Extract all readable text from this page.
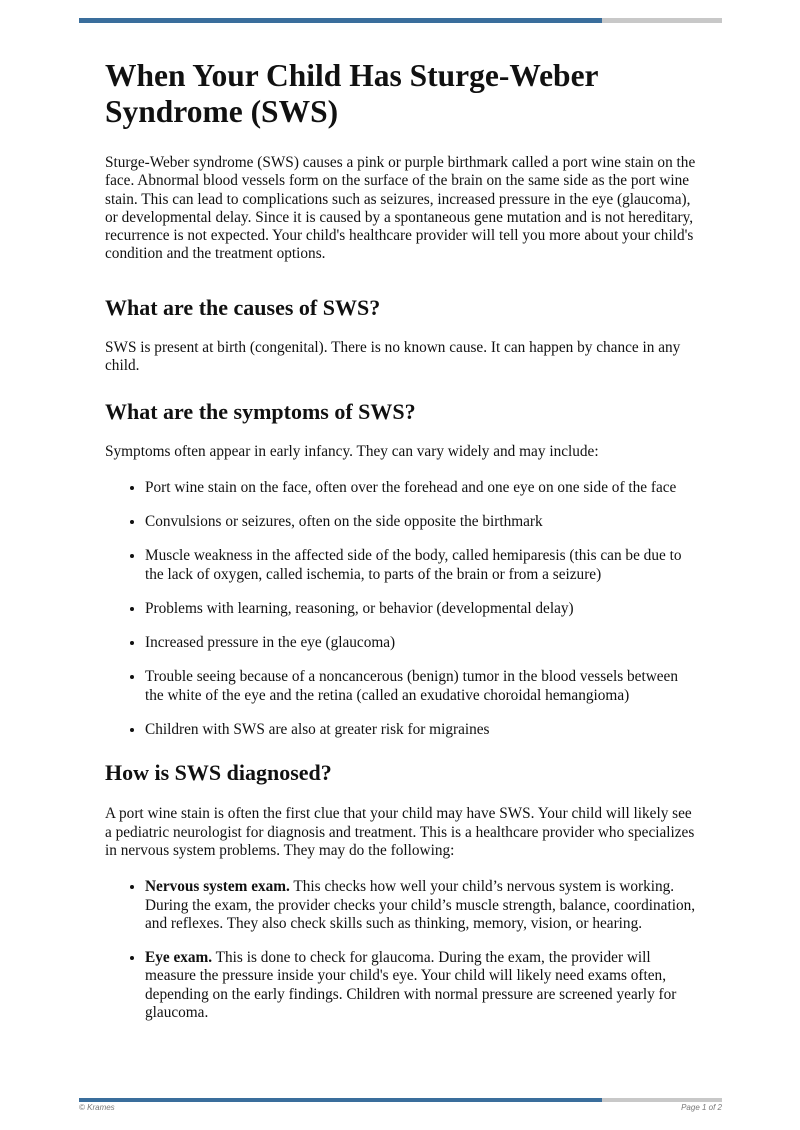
When Your Child Has Sturge-Weber Syndrome (SWS)

Sturge-Weber syndrome (SWS) causes a pink or purple birthmark called a port wine stain on the face. Abnormal blood vessels form on the surface of the brain on the same side as the port wine stain. This can lead to complications such as seizures, increased pressure in the eye (glaucoma), or developmental delay. Since it is caused by a spontaneous gene mutation and is not hereditary, recurrence is not expected. Your child's healthcare provider will tell you more about your child's condition and the treatment options.

What are the causes of SWS?

SWS is present at birth (congenital). There is no known cause. It can happen by chance in any child.

What are the symptoms of SWS?

Symptoms often appear in early infancy. They can vary widely and may include:

• Port wine stain on the face, often over the forehead and one eye on one side of the face
• Convulsions or seizures, often on the side opposite the birthmark
• Muscle weakness in the affected side of the body, called hemiparesis (this can be due to the lack of oxygen, called ischemia, to parts of the brain or from a seizure)
• Problems with learning, reasoning, or behavior (developmental delay)
• Increased pressure in the eye (glaucoma)
• Trouble seeing because of a noncancerous (benign) tumor in the blood vessels between the white of the eye and the retina (called an exudative choroidal hemangioma)
• Children with SWS are also at greater risk for migraines
How is SWS diagnosed?

A port wine stain is often the first clue that your child may have SWS. Your child will likely see a pediatric neurologist for diagnosis and treatment. This is a healthcare provider who specializes in nervous system problems. They may do the following:

• Nervous system exam. This checks how well your child’s nervous system is working. During the exam, the provider checks your child’s muscle strength, balance, coordination, and reflexes. They also check skills such as thinking, memory, vision, or hearing.
• Eye exam. This is done to check for glaucoma. During the exam, the provider will measure the pressure inside your child's eye. Your child will likely need exams often, depending on the early findings. Children with normal pressure are screened yearly for glaucoma.
© Krames	Page 1 of 2
